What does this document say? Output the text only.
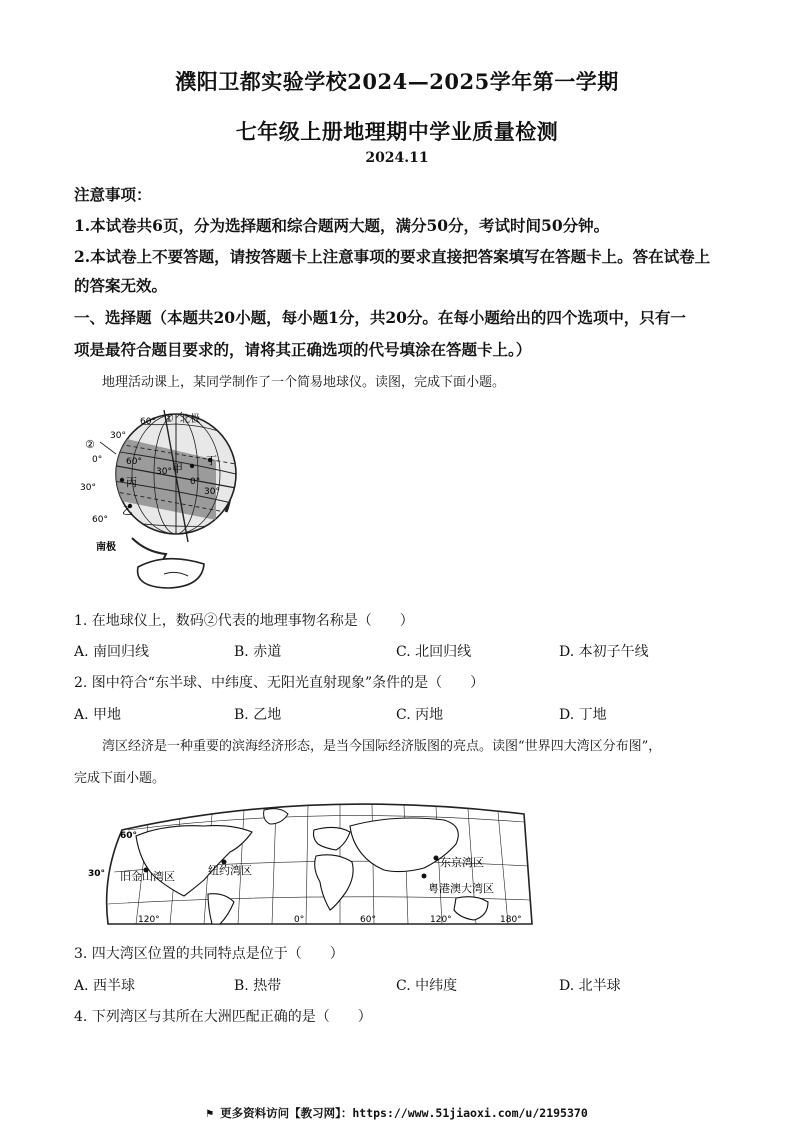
濮阳卫都实验学校2024—2025学年第一学期
七年级上册地理期中学业质量检测
2024.11
注意事项：
1.本试卷共6页，分为选择题和综合题两大题，满分50分，考试时间50分钟。
2.本试卷上不要答题，请按答题卡上注意事项的要求直接把答案填写在答题卡上。答在试卷上
的答案无效。
一、选择题（本题共20小题，每小题1分，共20分。在每小题给出的四个选项中，只有一
项是最符合题目要求的，请将其正确选项的代号填涂在答题卡上。）
地理活动课上，某同学制作了一个简易地球仪。读图，完成下面小题。
① 北极
②
60°
30°
0°
30°
60°
60°
30°
0°
30°
甲
丁
丙
乙
南极
1. 在地球仪上，数码②代表的地理事物名称是（　　）
A. 南回归线	B. 赤道	C. 北回归线	D. 本初子午线
2. 图中符合“东半球、中纬度、无阳光直射现象”条件的是（　　）
A. 甲地	B. 乙地	C. 丙地	D. 丁地
湾区经济是一种重要的滨海经济形态，是当今国际经济版图的亮点。读图“世界四大湾区分布图”，
完成下面小题。
60°
30°
120°	0°	60°	120°	180°
旧金山湾区	纽约湾区
东京湾区
粤港澳大湾区
3. 四大湾区位置的共同特点是位于（　　）
A. 西半球	B. 热带	C. 中纬度	D. 北半球
4. 下列湾区与其所在大洲匹配正确的是（　　）
⚑ 更多资料访问【教习网】：https://www.51jiaoxi.com/u/2195370
